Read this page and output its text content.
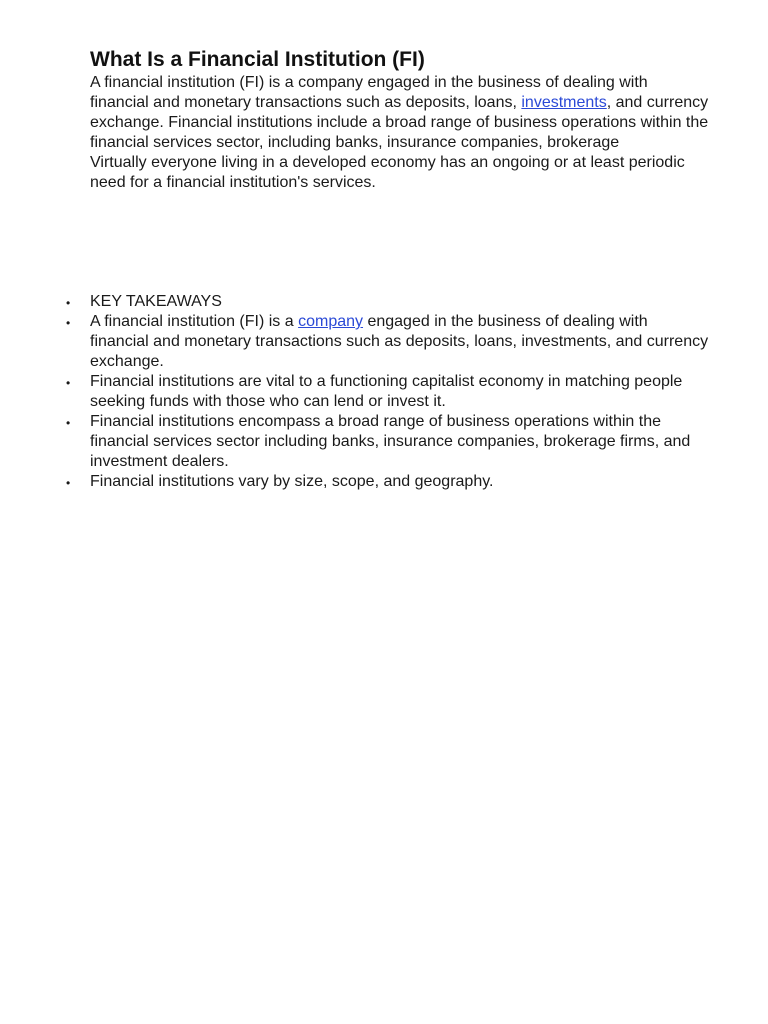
What Is a Financial Institution (FI)

A financial institution (FI) is a company engaged in the business of dealing with financial and monetary transactions such as deposits, loans, investments, and currency exchange. Financial institutions include a broad range of business operations within the financial services sector, including banks, insurance companies, brokerage

Virtually everyone living in a developed economy has an ongoing or at least periodic need for a financial institution's services.

• KEY TAKEAWAYS
• A financial institution (FI) is a company engaged in the business of dealing with financial and monetary transactions such as deposits, loans, investments, and currency exchange.
• Financial institutions are vital to a functioning capitalist economy in matching people seeking funds with those who can lend or invest it.
• Financial institutions encompass a broad range of business operations within the financial services sector including banks, insurance companies, brokerage firms, and investment dealers.
• Financial institutions vary by size, scope, and geography.
